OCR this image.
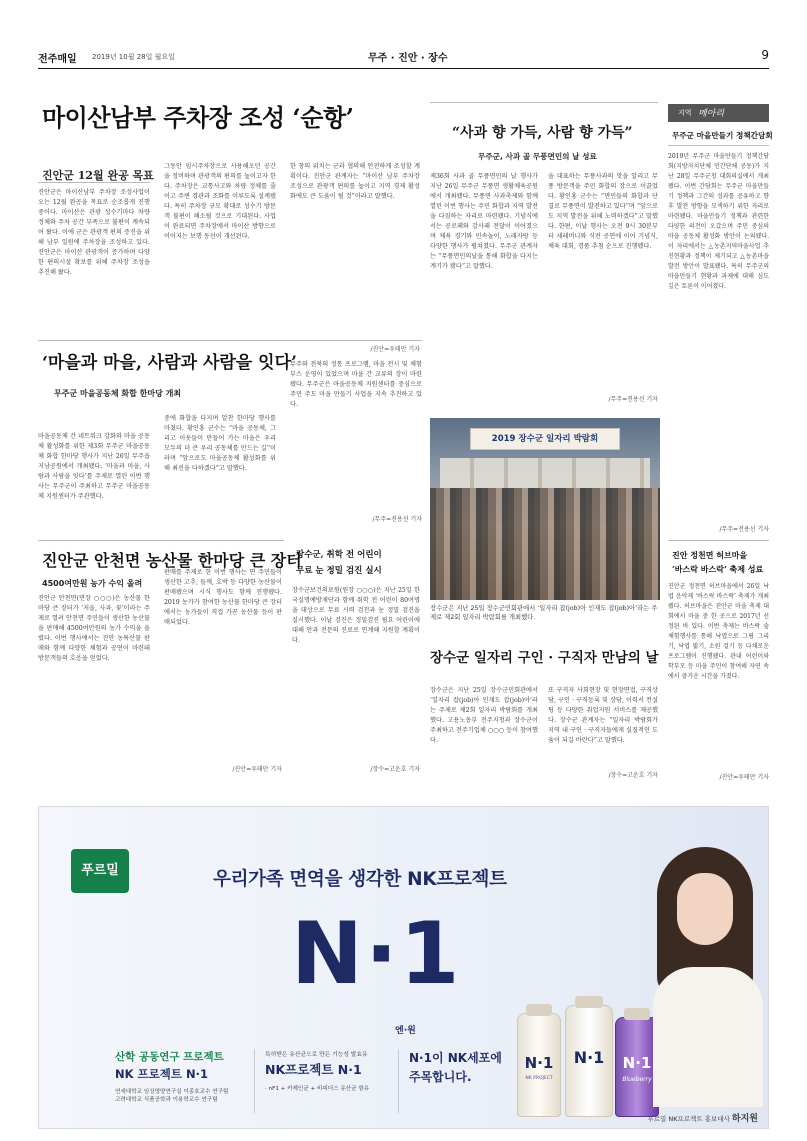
전주매일 2019년 10월 28일 월요일	무주 · 진안 · 장수	9
마이산남부 주차장 조성 ‘순항’
진안군 12월 완공 목표
진안군은 마이산남부 주차장 조성사업이 오는 12월 완공을 목표로 순조롭게 진행 중이다. 마이산은 관광 성수기마다 차량 정체와 주차 공간 부족으로 불편이 계속되어 왔다. 이에 군은 관광객 편의 증진을 위해 남부 일원에 주차장을 조성하고 있다. 진안군은 마이산 관광객이 증가하며 다양한 편의시설 확보를 위해 주차장 조성을 추진해 왔다.
그동안 임시주차장으로 사용해오던 공간을 정비하며 관광객의 편의를 높이고자 한다. 주차장은 교통사고와 차량 정체를 줄이고 주변 경관과 조화를 이루도록 설계됐다. 특히 주차장 규모 확대로 성수기 방문객 불편이 해소될 것으로 기대된다. 사업이 완료되면 주차장에서 마이산 방향으로 이어지는 보행 동선이 개선된다.
한 창의 위치는 군과 협의해 안전하게 조성할 계획이다. 진안군 관계자는 “마이산 남부 주차장 조성으로 관광객 편의를 높이고 지역 경제 활성화에도 큰 도움이 될 것”이라고 말했다.
/진안=우태만 기자
“사과 향 가득, 사람 향 가득”
무주군, 사과 골 무풍면민의 날 성료
제36회 사과 골 무풍면민의 날 행사가 지난 26일 무주군 무풍면 생활체육공원에서 개최됐다. 무풍면 사과축제와 함께 열린 이번 행사는 주민 화합과 지역 발전을 다짐하는 자리로 마련됐다. 기념식에서는 공로패와 감사패 전달이 이어졌으며 체육 경기와 민속놀이, 노래자랑 등 다양한 행사가 펼쳐졌다. 무주군 관계자는 “무풍면민의날을 통해 화합을 다지는 계기가 됐다”고 말했다.
을 대표하는 무풍사과의 맛을 알리고 무풍 방문객을 주민 화합의 장으로 이끌었다. 황인홍 군수는 “면민들의 화합과 단결로 무풍면이 발전하고 있다”며 “앞으로도 지역 발전을 위해 노력하겠다”고 말했다. 한편, 이날 행사는 오전 9시 30분부터 세레머니와 식전 공연에 이어 기념식, 체육 대회, 경품 추첨 순으로 진행됐다.
/무주=전용선 기자
‘마을과 마을, 사람과 사람을 잇다’
무주군 마을공동체 화합 한마당 개최
마을공동체 간 네트워크 강화와 마을 공동체 활성화를 위한 제3회 무주군 마을공동체 화합 한마당 행사가 지난 26일 무주읍 지남공원에서 개최됐다. ‘마을과 마을, 사람과 사람을 잇다’를 주제로 열린 이번 행사는 무주군이 주최하고 무주군 마을공동체 지원센터가 주관했다.
중에 화합을 다지며 알찬 한마당 행사를 마쳤다. 황인홍 군수는 “마을 공동체, 그리고 이웃들이 만들어 가는 마을은 우리 모두의 더 큰 우리 공동체를 만드는 길”이라며 “앞으로도 마을공동체 활성화를 위해 최선을 다하겠다”고 말했다.
무주와 전북의 정통 프로그램, 마을 전시 및 체험 부스 운영이 있었으며 마을 간 교류의 장이 마련됐다. 무주군은 마을공동체 지원센터를 중심으로 주민 주도 마을 만들기 사업을 지속 추진하고 있다.
/무주=전용선 기자
진안군 안천면 농산물 한마당 큰 장터
4500여만원 농가 수익 올려
진안군 안천면(면장 ○○○)은 농산물 한마당 큰 장터가 ‘저울, 사과, 꽃’이라는 주제로 열려 안천면 주민들이 생산한 농산물을 판매해 4500여만원의 농가 수익을 올렸다. 이번 행사에서는 진안 농특산물 판매와 함께 다양한 체험과 공연이 마련돼 방문객들의 호응을 얻었다.
판매를 주제로 한 이번 행사는 면 주민들이 생산한 고추, 들깨, 호박 등 다양한 농산물이 판매됐으며 시식 행사도 함께 진행됐다. 2019 농가가 참여한 농산물 한마당 큰 장터에서는 농가들이 직접 가꾼 농산물 등이 판매되었다.
/진안=우태만 기자
장수군, 취학 전 어린이
무료 눈 정밀 검진 실시
장수군보건의료원(원장 ○○○)은 지난 25일 한국실명예방재단과 함께 취학 전 어린이 80여명을 대상으로 무료 시력 검진과 눈 정밀 검진을 실시했다. 이날 검진은 정밀검진 필요 어린이에 대해 안과 전문의 진료로 연계해 지원할 계획이다.
/장수=고운호 기자
2019 장수군 일자리 박람회
장수군은 지난 25일 장수군민회관에서 ‘일자리 잡(job)아 인재도 잡(job)아’라는 주제로 제2회 일자리 박람회를 개최했다.
장수군 일자리 구인 · 구직자 만남의 날
장수군은 지난 25일 장수군민회관에서 ‘일자리 잡(job)아 인재도 잡(job)아’라는 주제로 제2회 일자리 박람회를 개최했다. 고용노동부 전주지청과 장수군이 주최하고 전주기업체 ○○○ 등이 참여했다.
또 구직자 사회현장 및 현장면접, 구직상담, 구인 · 구직등록 및 상담, 이력서 컨설팅 등 다양한 취업지원 서비스를 제공했다. 장수군 관계자는 “일자리 박람회가 지역 내 구인 · 구직자들에게 실질적인 도움이 되길 바란다”고 말했다.
/장수=고운호 기자
지역 메아리
무주군 마을만들기 정책간담회
2019년 무주군 마을만들기 정책간담회(지방자치단체 민간단체 공동)가 지난 28일 무주군청 대회의실에서 개최됐다. 이번 간담회는 무주군 마을만들기 정책과 그간의 성과를 공유하고 향후 발전 방향을 모색하기 위한 자리로 마련됐다. 마을만들기 정책과 관련한 다양한 의견이 오갔으며 주민 중심의 마을 공동체 활성화 방안이 논의됐다. 이 자리에서는 △농촌지역마을사업 추진현황과 정책이 제기되고 △농촌마을 발전 방안이 발표됐다. 특히 무주군의 마을만들기 현황과 과제에 대해 심도 깊은 토론이 이어졌다.
/무주=전용선 기자
진안 정천면 허브마을
‘바스락 바스락’ 축제 성료
진안군 정천면 허브마을에서 26일 낙엽 음악제 ‘바스락 바스락’ 축제가 개최됐다. 허브마을은 진안군 마을 축제 대회에서 마을 중 한 곳으로 2017년 선정된 바 있다. 이번 축제는 바스락 숲 체험행사를 통해 낙엽으로 그림 그리기, 낙엽 밟기, 소원 걸기 등 다채로운 프로그램이 진행됐다. 관내 어린이와 학부모 등 마을 주민이 참여해 자연 속에서 즐거운 시간을 가졌다.
/진안=우태만 기자
푸르밀	우리가족 면역을 생각한 NK프로젝트
N·1
엔·원
산학 공동연구 프로젝트
NK 프로젝트 N·1
연세대학교 임상영양연구실 이종호교수 연구팀
고려대학교 식품공학과 이용학교수 연구팀
특허받은 유산균으로 만든 기능성 발효유
NK프로젝트 N·1
· nF1 + 카제인균 + 비피더스 유산균 함유
N·1이 NK세포에
주목합니다.
N·1
NK PROJECT
N·1	N·1
Blueberry
푸르밀 NK프로젝트 홍보대사 하지원
